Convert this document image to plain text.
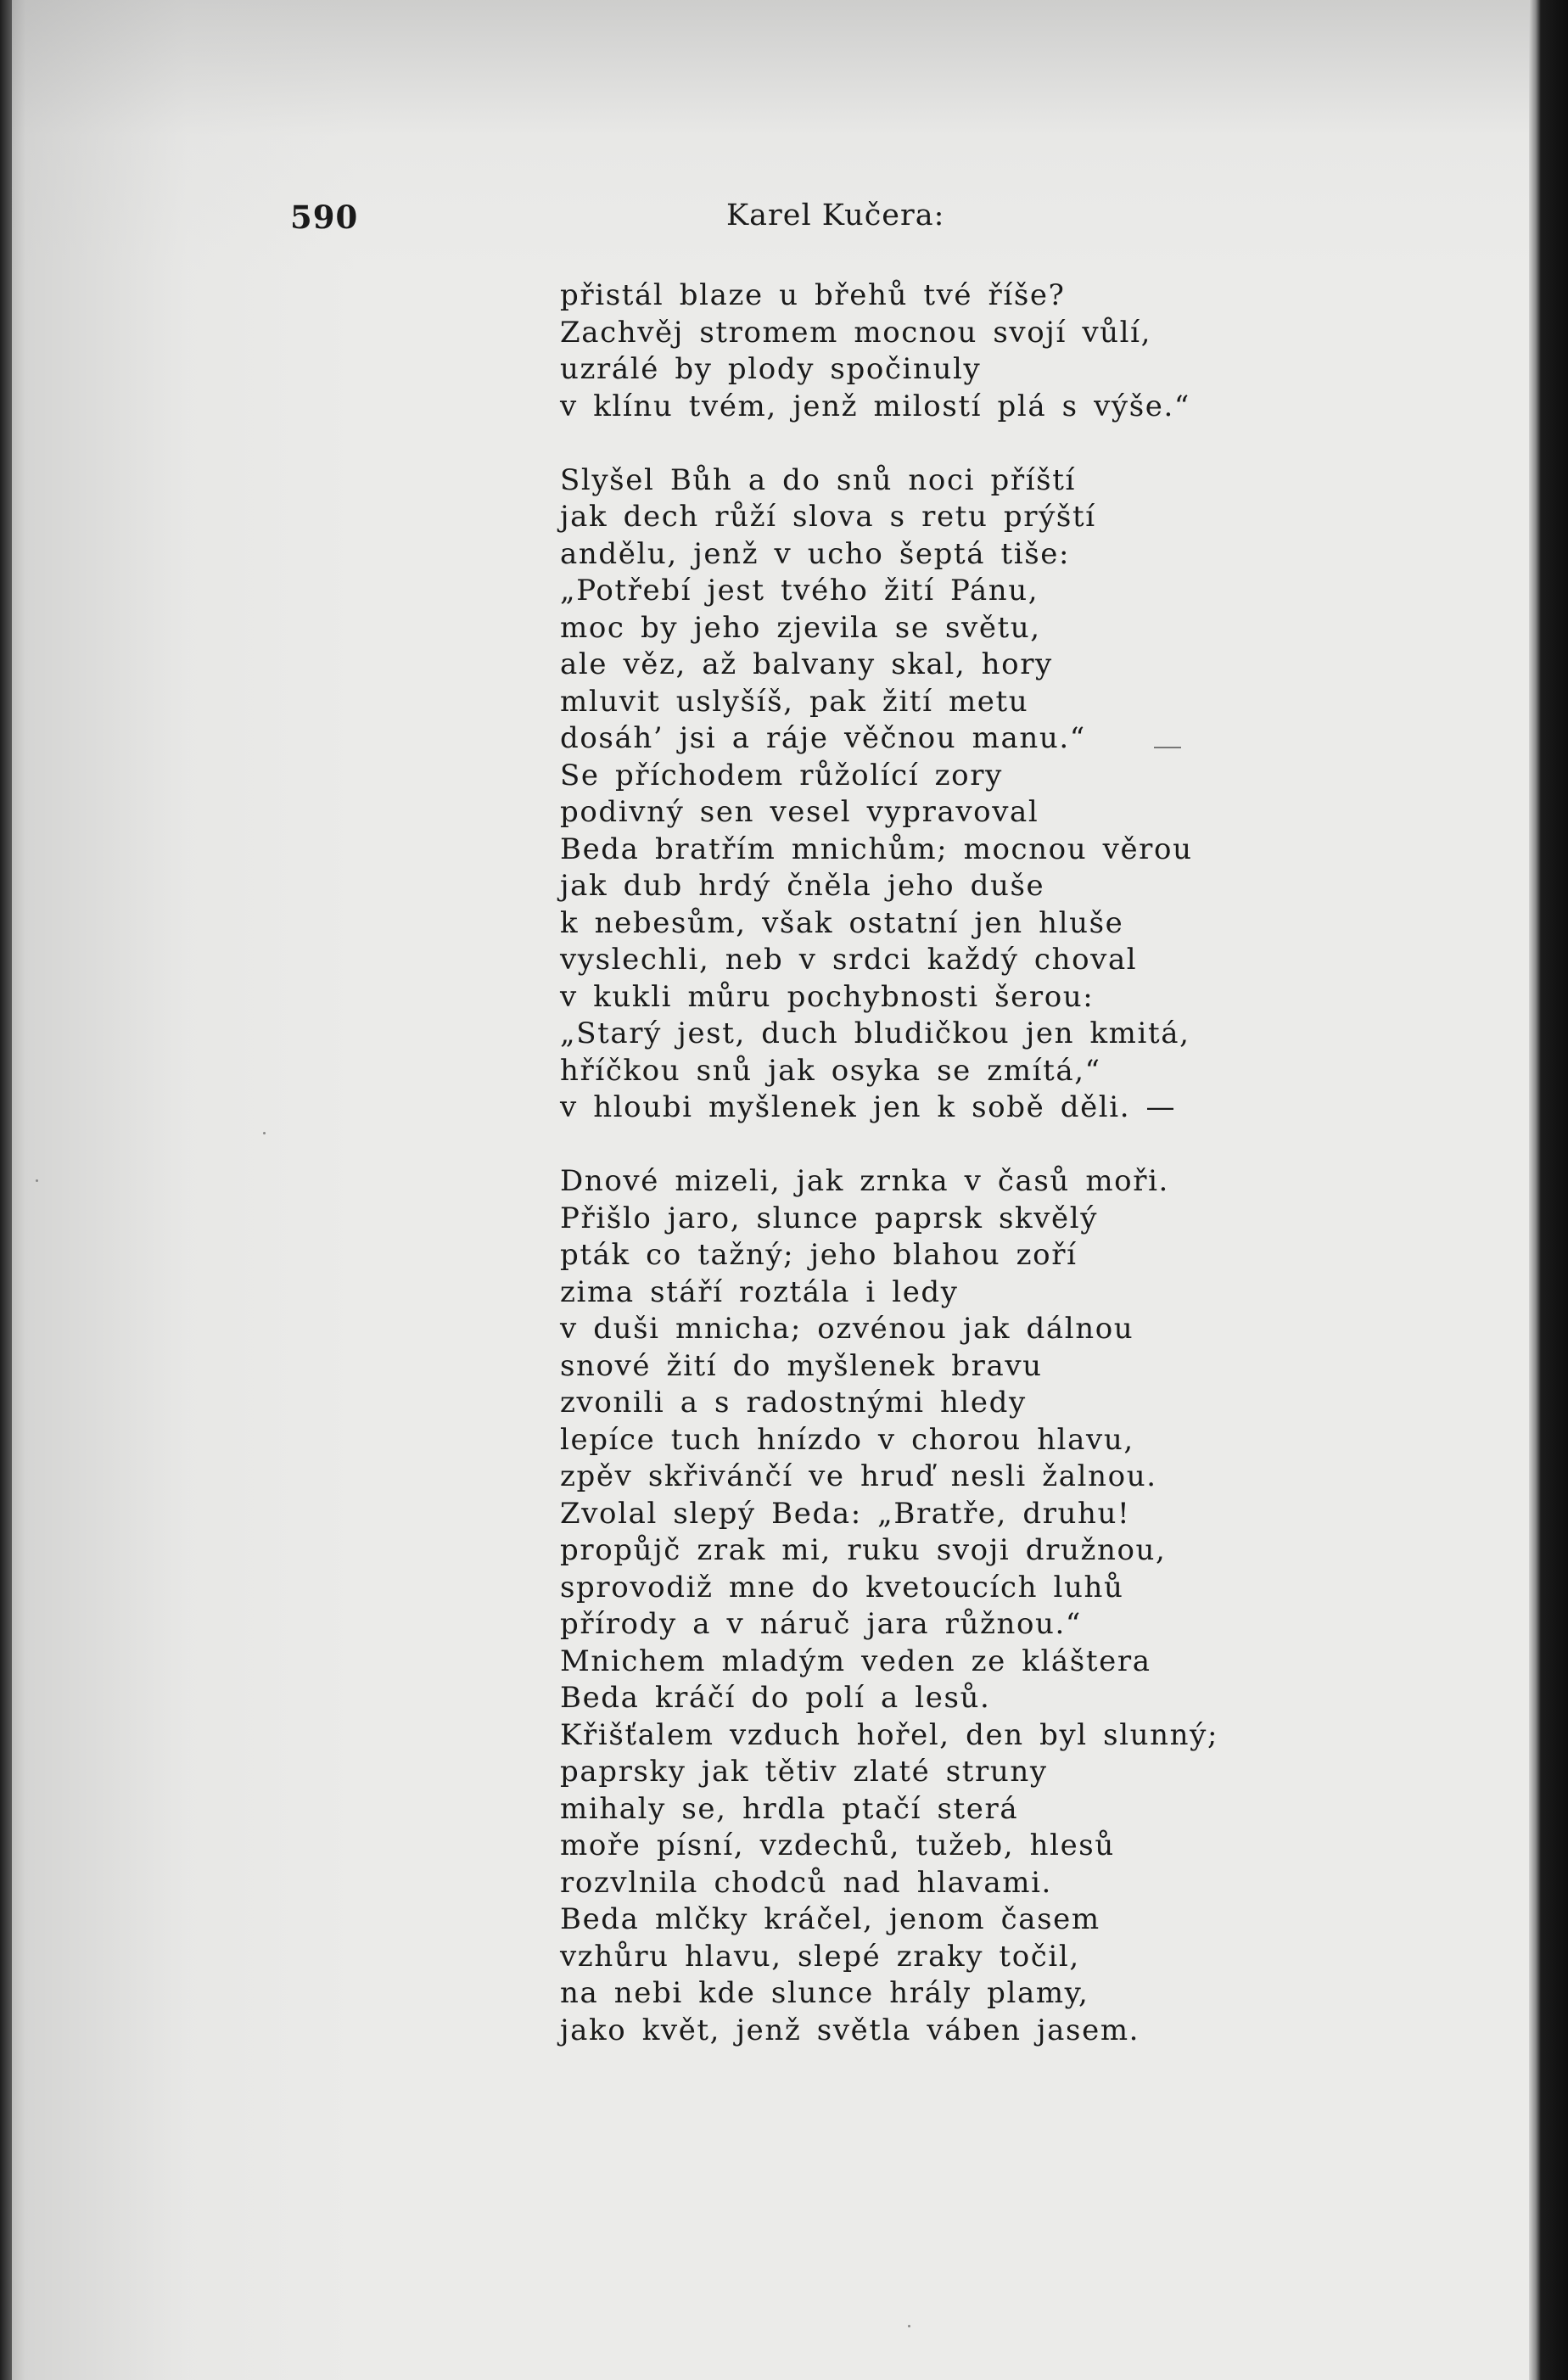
590	Karel Kučera:
přistál blaze u břehů tvé říše?
Zachvěj stromem mocnou svojí vůlí,
uzrálé by plody spočinuly
v klínu tvém, jenž milostí plá s výše.“
Slyšel Bůh a do snů noci příští
jak dech růží slova s retu prýští
andělu, jenž v ucho šeptá tiše:
„Potřebí jest tvého žití Pánu,
moc by jeho zjevila se světu,
ale věz, až balvany skal, hory
mluvit uslyšíš, pak žití metu
dosáh’ jsi a ráje věčnou manu.“
Se příchodem růžolící zory
podivný sen vesel vypravoval
Beda bratřím mnichům; mocnou věrou
jak dub hrdý čněla jeho duše
k nebesům, však ostatní jen hluše
vyslechli, neb v srdci každý choval
v kukli můru pochybnosti šerou:
„Starý jest, duch bludičkou jen kmitá,
hříčkou snů jak osyka se zmítá,“
v hloubi myšlenek jen k sobě děli. —
Dnové mizeli, jak zrnka v časů moři.
Přišlo jaro, slunce paprsk skvělý
pták co tažný; jeho blahou zoří
zima stáří roztála i ledy
v duši mnicha; ozvénou jak dálnou
snové žití do myšlenek bravu
zvonili a s radostnými hledy
lepíce tuch hnízdo v chorou hlavu,
zpěv skřivánčí ve hruď nesli žalnou.
Zvolal slepý Beda: „Bratře, druhu!
propůjč zrak mi, ruku svoji družnou,
sprovodiž mne do kvetoucích luhů
přírody a v náruč jara růžnou.“
Mnichem mladým veden ze kláštera
Beda kráčí do polí a lesů.
Křišťalem vzduch hořel, den byl slunný;
paprsky jak tětiv zlaté struny
mihaly se, hrdla ptačí sterá
moře písní, vzdechů, tužeb, hlesů
rozvlnila chodců nad hlavami.
Beda mlčky kráčel, jenom časem
vzhůru hlavu, slepé zraky točil,
na nebi kde slunce hrály plamy,
jako květ, jenž světla váben jasem.
